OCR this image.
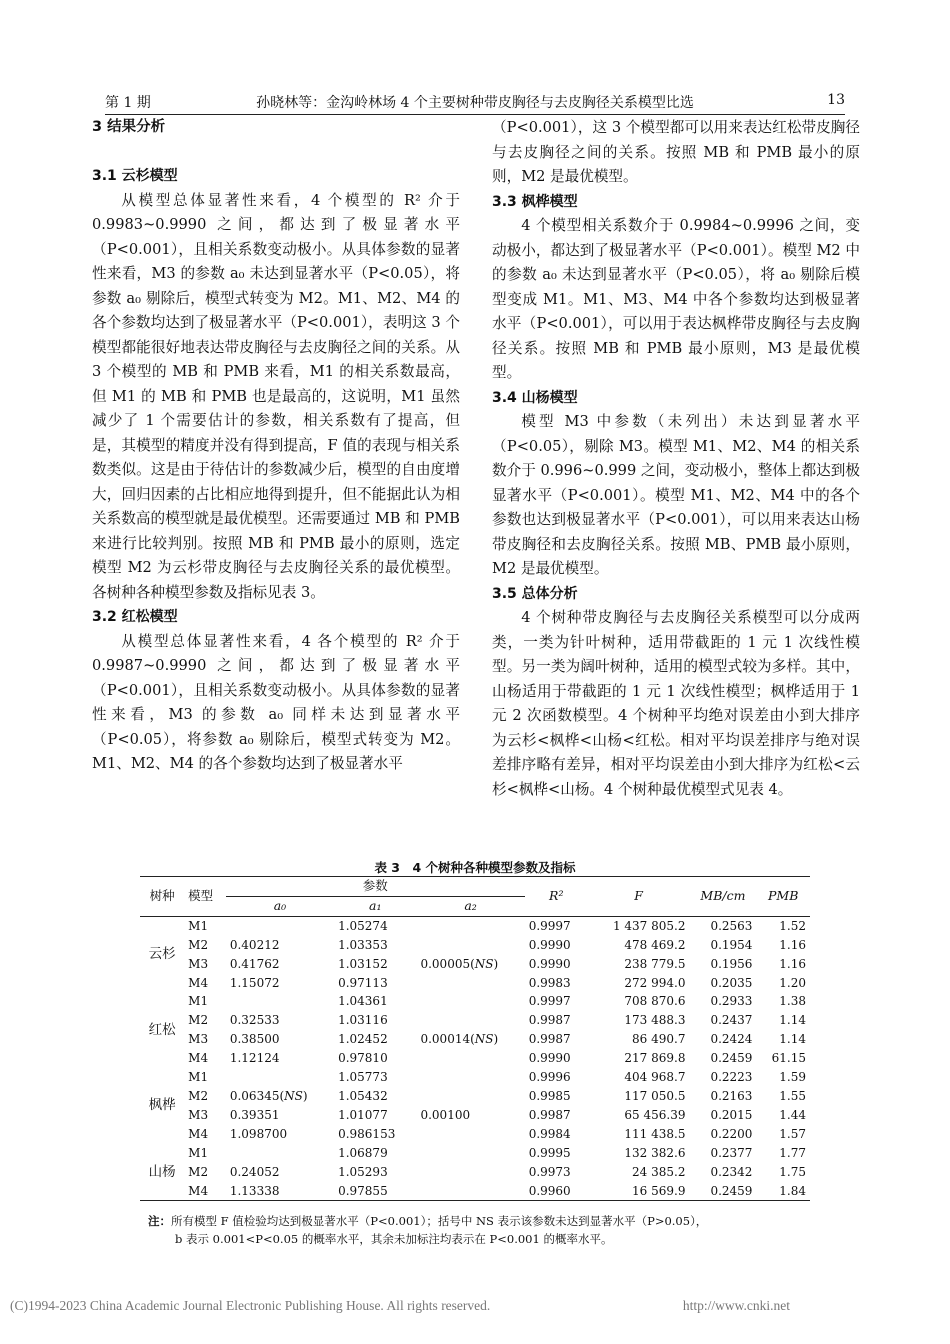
第 1 期	孙晓林等：金沟岭林场 4 个主要树种带皮胸径与去皮胸径关系模型比选	13
3 结果分析
3.1 云杉模型

从模型总体显著性来看，4 个模型的 R² 介于 0.9983~0.9990 之间，都达到了极显著水平（P<0.001），且相关系数变动极小。从具体参数的显著性来看，M3 的参数 a₀ 未达到显著水平（P<0.05），将参数 a₀ 剔除后，模型式转变为 M2。M1、M2、M4 的各个参数均达到了极显著水平（P<0.001），表明这 3 个模型都能很好地表达带皮胸径与去皮胸径之间的关系。从 3 个模型的 MB 和 PMB 来看，M1 的相关系数最高，但 M1 的 MB 和 PMB 也是最高的，这说明，M1 虽然减少了 1 个需要估计的参数，相关系数有了提高，但是，其模型的精度并没有得到提高，F 值的表现与相关系数类似。这是由于待估计的参数减少后，模型的自由度增大，回归因素的占比相应地得到提升，但不能据此认为相关系数高的模型就是最优模型。还需要通过 MB 和 PMB 来进行比较判别。按照 MB 和 PMB 最小的原则，选定模型 M2 为云杉带皮胸径与去皮胸径关系的最优模型。各树种各种模型参数及指标见表 3。

3.2 红松模型

从模型总体显著性来看，4 各个模型的 R² 介于 0.9987~0.9990 之间，都达到了极显著水平（P<0.001），且相关系数变动极小。从具体参数的显著性来看，M3 的参数 a₀ 同样未达到显著水平（P<0.05），将参数 a₀ 剔除后，模型式转变为 M2。M1、M2、M4 的各个参数均达到了极显著水平

（P<0.001），这 3 个模型都可以用来表达红松带皮胸径与去皮胸径之间的关系。按照 MB 和 PMB 最小的原则，M2 是最优模型。

3.3 枫桦模型

4 个模型相关系数介于 0.9984~0.9996 之间，变动极小，都达到了极显著水平（P<0.001）。模型 M2 中的参数 a₀ 未达到显著水平（P<0.05），将 a₀ 剔除后模型变成 M1。M1、M3、M4 中各个参数均达到极显著水平（P<0.001），可以用于表达枫桦带皮胸径与去皮胸径关系。按照 MB 和 PMB 最小原则，M3 是最优模型。

3.4 山杨模型

模型 M3 中参数（未列出）未达到显著水平（P<0.05），剔除 M3。模型 M1、M2、M4 的相关系数介于 0.996~0.999 之间，变动极小，整体上都达到极显著水平（P<0.001）。模型 M1、M2、M4 中的各个参数也达到极显著水平（P<0.001），可以用来表达山杨带皮胸径和去皮胸径关系。按照 MB、PMB 最小原则，M2 是最优模型。

3.5 总体分析

4 个树种带皮胸径与去皮胸径关系模型可以分成两类，一类为针叶树种，适用带截距的 1 元 1 次线性模型。另一类为阔叶树种，适用的模型式较为多样。其中，山杨适用于带截距的 1 元 1 次线性模型；枫桦适用于 1 元 2 次函数模型。4 个树种平均绝对误差由小到大排序为云杉<枫桦<山杨<红松。相对平均误差排序与绝对误差排序略有差异，相对平均误差由小到大排序为红松<云杉<枫桦<山杨。4 个树种最优模型式见表 4。

表 3　4 个树种各种模型参数及指标
树种	模型	参数			R²	F	MB/cm	PMB
		a₀	a₁	a₂				
云杉	M1		1.05274		0.9997	1 437 805.2	0.2563	1.52
	M2	0.40212	1.03353		0.9990	478 469.2	0.1954	1.16
	M3	0.41762	1.03152	0.00005(NS)	0.9990	238 779.5	0.1956	1.16
	M4	1.15072	0.97113		0.9983	272 994.0	0.2035	1.20
红松	M1		1.04361		0.9997	708 870.6	0.2933	1.38
	M2	0.32533	1.03116		0.9987	173 488.3	0.2437	1.14
	M3	0.38500	1.02452	0.00014(NS)	0.9987	86 490.7	0.2424	1.14
	M4	1.12124	0.97810		0.9990	217 869.8	0.2459	61.15
枫桦	M1		1.05773		0.9996	404 968.7	0.2223	1.59
	M2	0.06345(NS)	1.05432		0.9985	117 050.5	0.2163	1.55
	M3	0.39351	1.01077	0.00100	0.9987	65 456.39	0.2015	1.44
	M4	1.098700	0.986153		0.9984	111 438.5	0.2200	1.57
山杨	M1		1.06879		0.9995	132 382.6	0.2377	1.77
	M2	0.24052	1.05293		0.9973	24 385.2	0.2342	1.75
	M4	1.13338	0.97855		0.9960	16 569.9	0.2459	1.84
注：所有模型 F 值检验均达到极显著水平（P<0.001）；括号中 NS 表示该参数未达到显著水平（P>0.05），
b 表示 0.001<P<0.05 的概率水平，其余未加标注均表示在 P<0.001 的概率水平。
(C)1994-2023 China Academic Journal Electronic Publishing House. All rights reserved.	http://www.cnki.net
